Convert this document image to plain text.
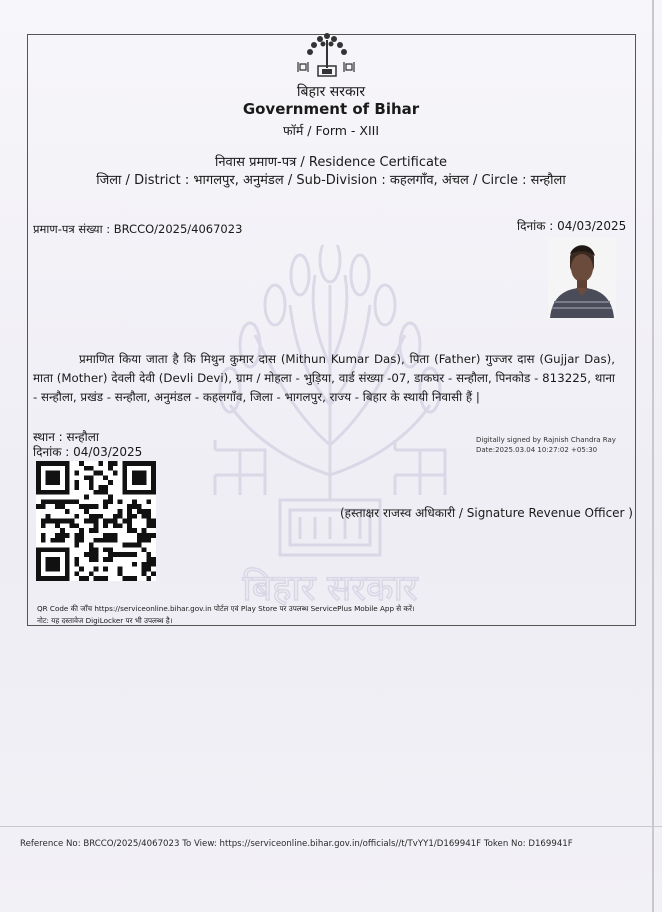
बिहार सरकार
बिहार सरकार
Government of Bihar
फॉर्म / Form - XIII
निवास प्रमाण-पत्र / Residence Certificate
जिला / District : भागलपुर, अनुमंडल / Sub-Division : कहलगाँव, अंचल / Circle : सन्हौला
प्रमाण-पत्र संख्या : BRCCO/2025/4067023	दिनांक : 04/03/2025
प्रमाणित किया जाता है कि मिथुन कुमार दास (Mithun Kumar Das), पिता (Father) गुज्जर दास (Gujjar Das), माता (Mother) देवली देवी (Devli Devi), ग्राम / मोहला - भुड़िया, वार्ड संख्या -07, डाकघर - सन्हौला, पिनकोड - 813225, थाना - सन्हौला, प्रखंड - सन्हौला, अनुमंडल - कहलगाँव, जिला - भागलपुर, राज्य - बिहार के स्थायी निवासी हैं |
स्थान : सन्हौला
दिनांक : 04/03/2025
Digitally signed by Rajnish Chandra Ray
Date:2025.03.04 10:27:02 +05:30
(हस्ताक्षर राजस्व अधिकारी / Signature Revenue Officer )
QR Code की जाँच https://serviceonline.bihar.gov.in पोर्टल एवं Play Store पर उपलब्ध ServicePlus Mobile App से करें।
नोट: यह दस्तावेज DigiLocker पर भी उपलब्ध है।
Reference No: BRCCO/2025/4067023 To View: https://serviceonline.bihar.gov.in/officials//t/TvYY1/D169941F Token No: D169941F
